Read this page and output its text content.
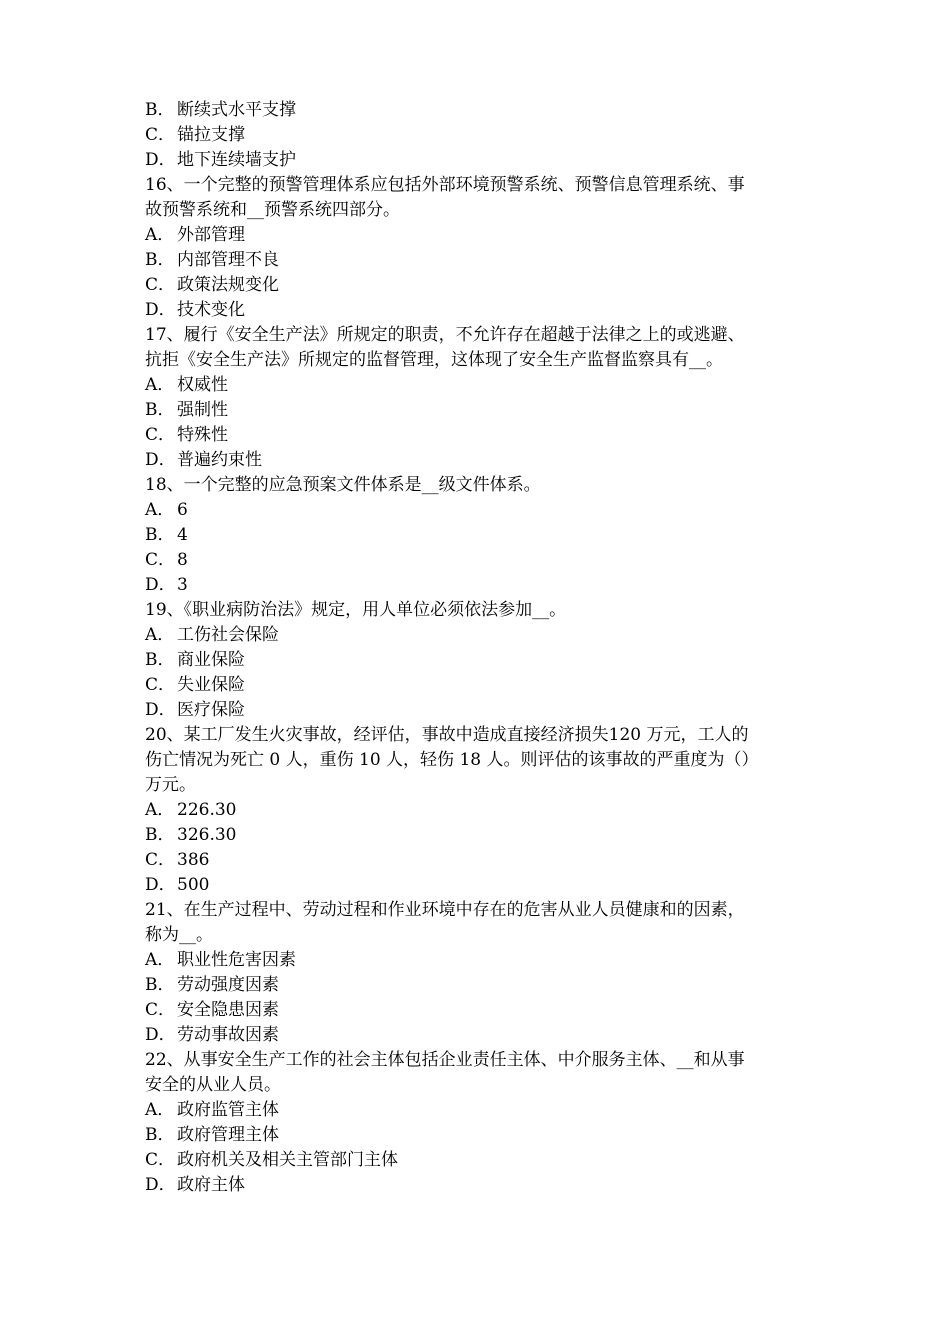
B． 断续式水平支撑
C． 锚拉支撑
D．地下连续墙支护
16、一个完整的预警管理体系应包括外部环境预警系统、预警信息管理系统、事
故预警系统和__预警系统四部分。
A． 外部管理
B． 内部管理不良
C． 政策法规变化
D．技术变化
17、履行《安全生产法》所规定的职责，不允许存在超越于法律之上的或逃避、
抗拒《安全生产法》所规定的监督管理，这体现了安全生产监督监察具有__。
A． 权威性
B． 强制性
C． 特殊性
D．普遍约束性
18、一个完整的应急预案文件体系是__级文件体系。
A． 6
B． 4
C． 8
D．3
19、《职业病防治法》规定，用人单位必须依法参加__。
A． 工伤社会保险
B． 商业保险
C． 失业保险
D．医疗保险
20、某工厂发生火灾事故，经评估，事故中造成直接经济损失120 万元，工人的
伤亡情况为死亡 0 人，重伤 10 人，轻伤 18 人。则评估的该事故的严重度为（）
万元。
A． 226.30
B． 326.30
C． 386
D．500
21、在生产过程中、劳动过程和作业环境中存在的危害从业人员健康和的因素，
称为__。
A． 职业性危害因素
B． 劳动强度因素
C． 安全隐患因素
D．劳动事故因素
22、从事安全生产工作的社会主体包括企业责任主体、中介服务主体、__和从事
安全的从业人员。
A． 政府监管主体
B． 政府管理主体
C． 政府机关及相关主管部门主体
D．政府主体
